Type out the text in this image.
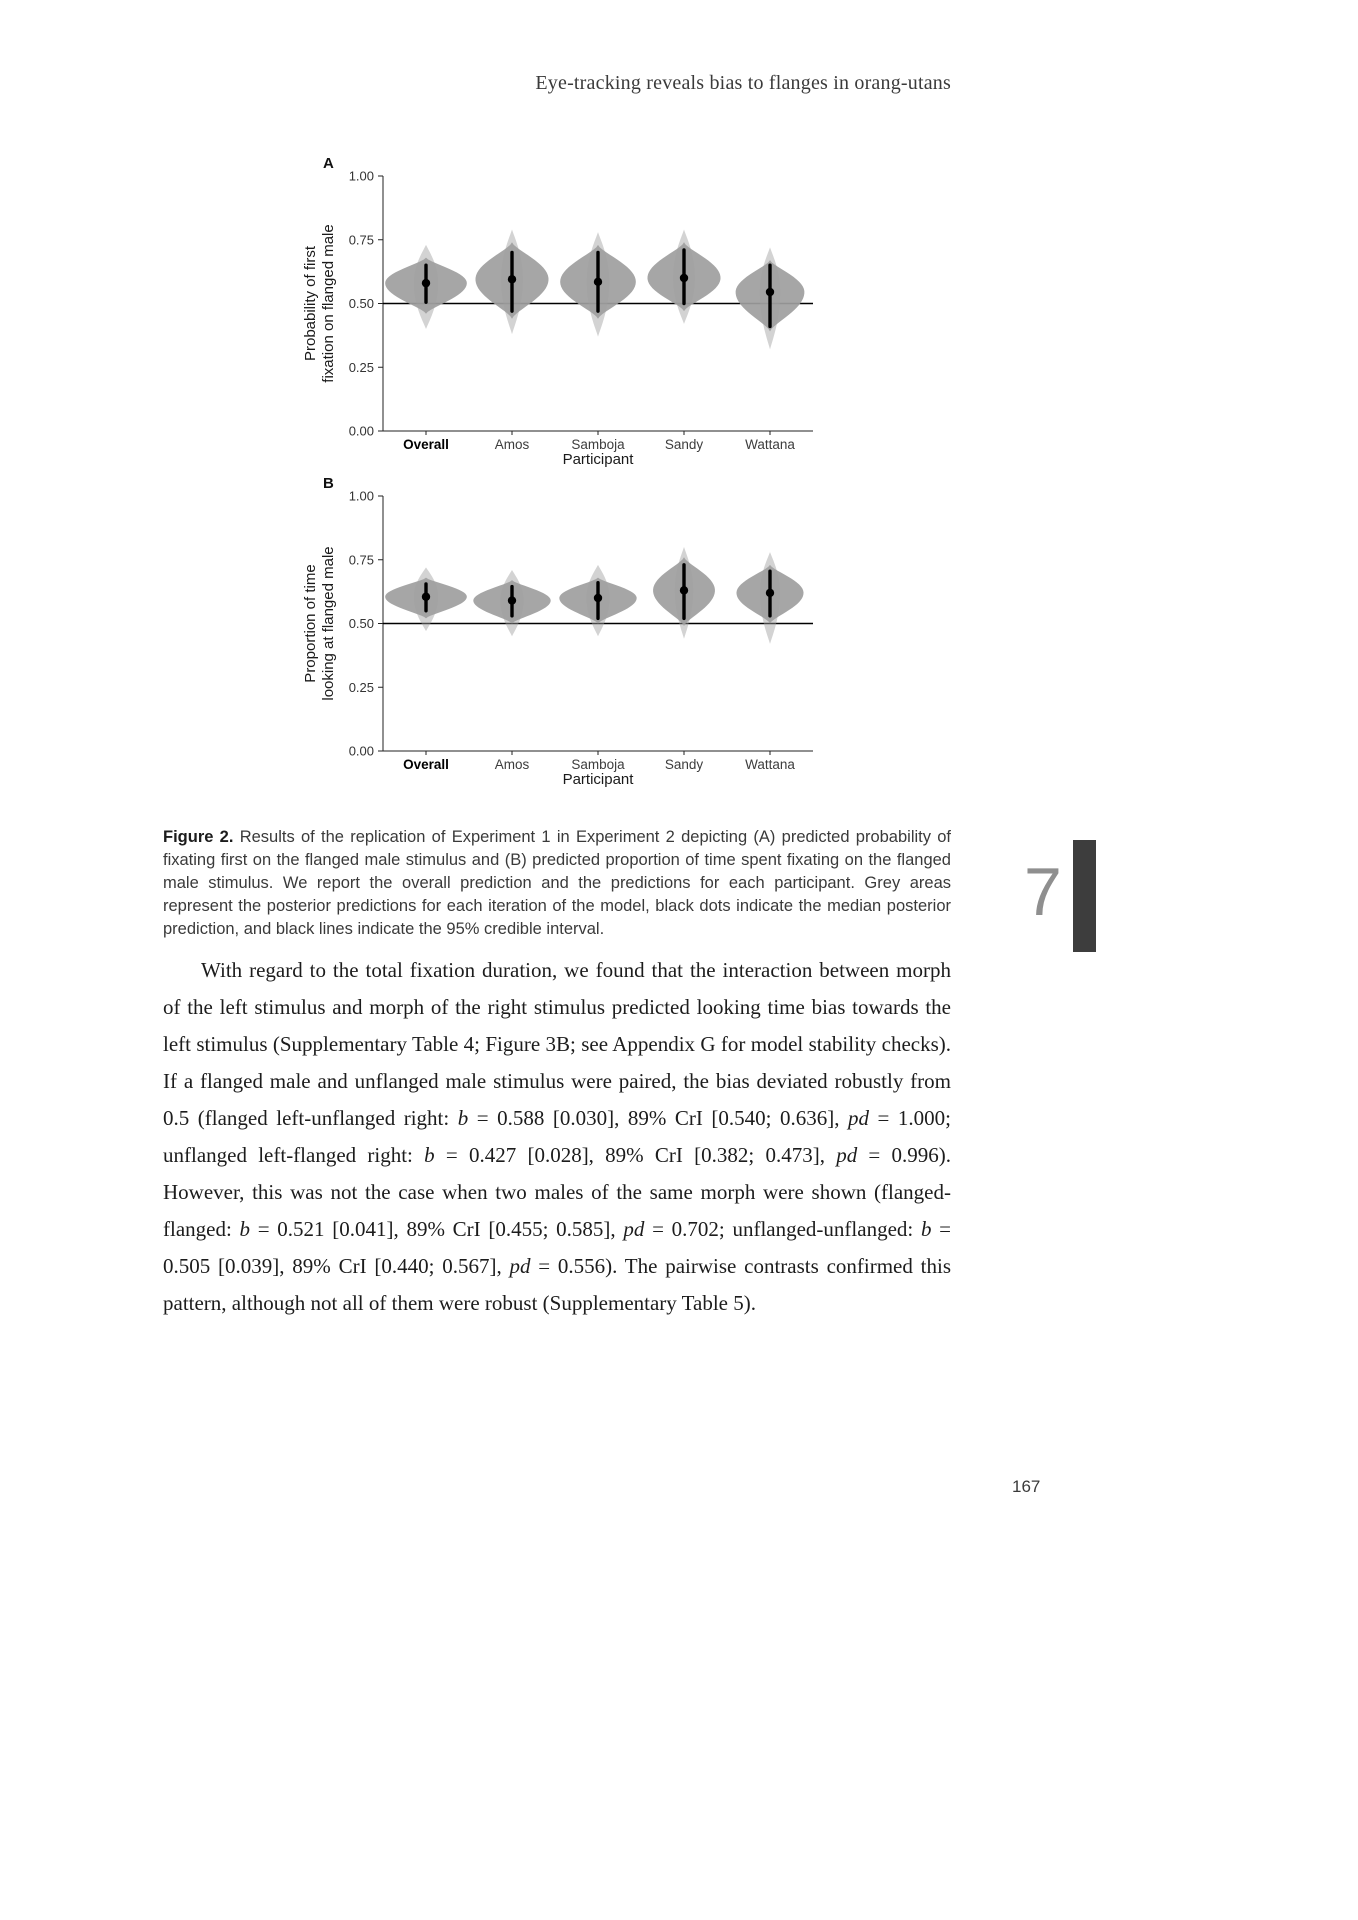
Eye-tracking reveals bias to flanges in orang-utans
A
Probability of firstfixation on flanged male
1.00
0.75
0.50
0.25
0.00
Overall	Amos	Samboja	Sandy	Wattana
Participant
B
Proportion of timelooking at flanged male
1.00
0.75
0.50
0.25
0.00
Overall	Amos	Samboja	Sandy	Wattana
Participant
Figure 2. Results of the replication of Experiment 1 in Experiment 2 depicting (A) predicted probability of fixating first on the flanged male stimulus and (B) predicted proportion of time spent fixating on the flanged male stimulus. We report the overall prediction and the predictions for each participant. Grey areas represent the posterior predictions for each iteration of the model, black dots indicate the median posterior prediction, and black lines indicate the 95% credible interval.	7

With regard to the total fixation duration, we found that the interaction between morph of the left stimulus and morph of the right stimulus predicted looking time bias towards the left stimulus (Supplementary Table 4; Figure 3B; see Appendix G for model stability checks). If a flanged male and unflanged male stimulus were paired, the bias deviated robustly from 0.5 (flanged left-unflanged right: b = 0.588 [0.030], 89% CrI [0.540; 0.636], pd = 1.000; unflanged left-flanged right: b = 0.427 [0.028], 89% CrI [0.382; 0.473], pd = 0.996). However, this was not the case when two males of the same morph were shown (flanged-flanged: b = 0.521 [0.041], 89% CrI [0.455; 0.585], pd = 0.702; unflanged-unflanged: b = 0.505 [0.039], 89% CrI [0.440; 0.567], pd = 0.556). The pairwise contrasts confirmed this pattern, although not all of them were robust (Supplementary Table 5).

167
